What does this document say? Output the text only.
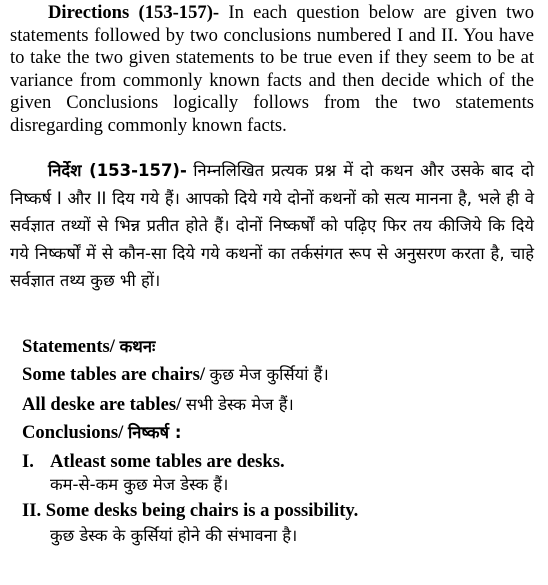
Directions (153-157)- In each question below are given two statements followed by two conclusions numbered I and II. You have to take the two given statements to be true even if they seem to be at variance from commonly known facts and then decide which of the given Conclusions logically follows from the two statements disregarding commonly known facts.
निर्देश (153-157)- निम्नलिखित प्रत्यक प्रश्न में दो कथन और उसके बाद दो निष्कर्ष I और II दिय गये हैं। आपको दिये गये दोनों कथनों को सत्य मानना है, भले ही वे सर्वज्ञात तथ्यों से भिन्न प्रतीत होते हैं। दोनों निष्कर्षों को पढ़िए फिर तय कीजिये कि दिये गये निष्कर्षों में से कौन-सा दिये गये कथनों का तर्कसंगत रूप से अनुसरण करता है, चाहे सर्वज्ञात तथ्य कुछ भी हों।
Statements/ कथनः
Some tables are chairs/ कुछ मेज कुर्सियां हैं।
All deske are tables/ सभी डेस्क मेज हैं।
Conclusions/ निष्कर्ष :
I. Atleast some tables are desks.
कम-से-कम कुछ मेज डेस्क हैं।
II. Some desks being chairs is a possibility.
कुछ डेस्क के कुर्सियां होने की संभावना है।
